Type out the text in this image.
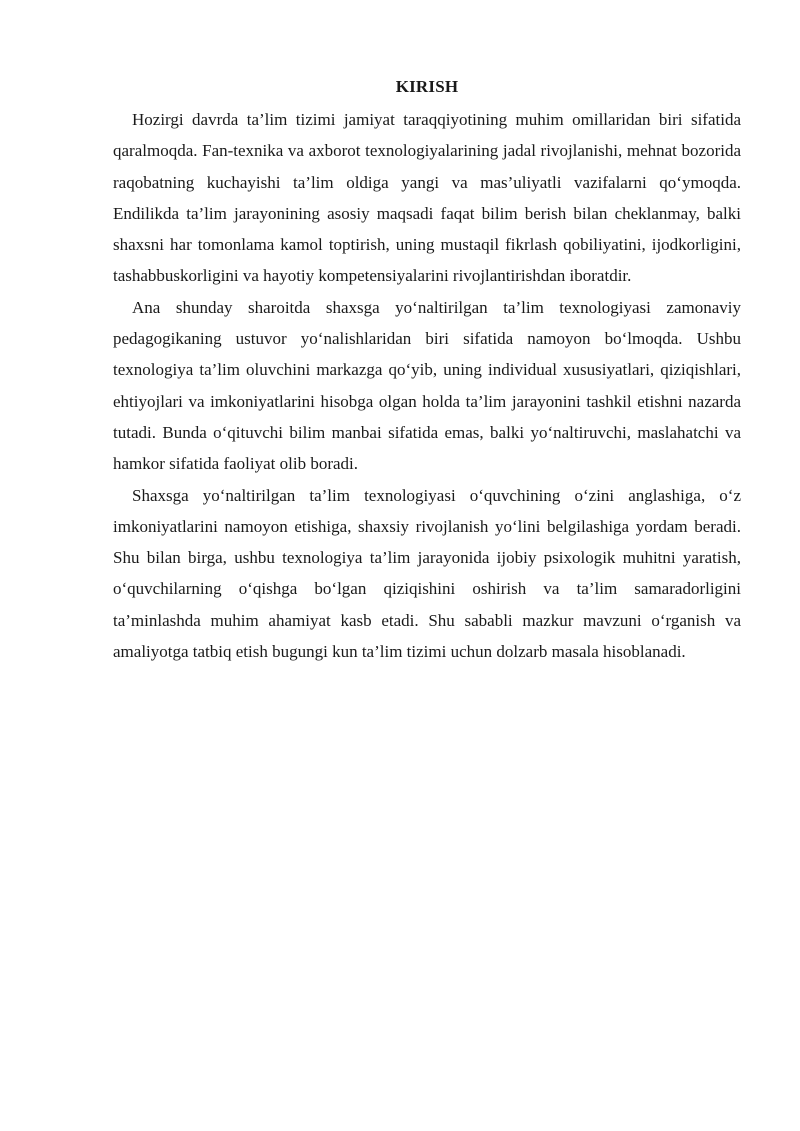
KIRISH

Hozirgi davrda ta’lim tizimi jamiyat taraqqiyotining muhim omillaridan biri sifatida qaralmoqda. Fan-texnika va axborot texnologiyalarining jadal rivojlanishi, mehnat bozorida raqobatning kuchayishi ta’lim oldiga yangi va mas’uliyatli vazifalarni qo‘ymoqda. Endilikda ta’lim jarayonining asosiy maqsadi faqat bilim berish bilan cheklanmay, balki shaxsni har tomonlama kamol toptirish, uning mustaqil fikrlash qobiliyatini, ijodkorligini, tashabbuskorligini va hayotiy kompetensiyalarini rivojlantirishdan iboratdir.

Ana shunday sharoitda shaxsga yo‘naltirilgan ta’lim texnologiyasi zamonaviy pedagogikaning ustuvor yo‘nalishlaridan biri sifatida namoyon bo‘lmoqda. Ushbu texnologiya ta’lim oluvchini markazga qo‘yib, uning individual xususiyatlari, qiziqishlari, ehtiyojlari va imkoniyatlarini hisobga olgan holda ta’lim jarayonini tashkil etishni nazarda tutadi. Bunda o‘qituvchi bilim manbai sifatida emas, balki yo‘naltiruvchi, maslahatchi va hamkor sifatida faoliyat olib boradi.

Shaxsga yo‘naltirilgan ta’lim texnologiyasi o‘quvchining o‘zini anglashiga, o‘z imkoniyatlarini namoyon etishiga, shaxsiy rivojlanish yo‘lini belgilashiga yordam beradi. Shu bilan birga, ushbu texnologiya ta’lim jarayonida ijobiy psixologik muhitni yaratish, o‘quvchilarning o‘qishga bo‘lgan qiziqishini oshirish va ta’lim samaradorligini ta’minlashda muhim ahamiyat kasb etadi. Shu sababli mazkur mavzuni o‘rganish va amaliyotga tatbiq etish bugungi kun ta’lim tizimi uchun dolzarb masala hisoblanadi.
